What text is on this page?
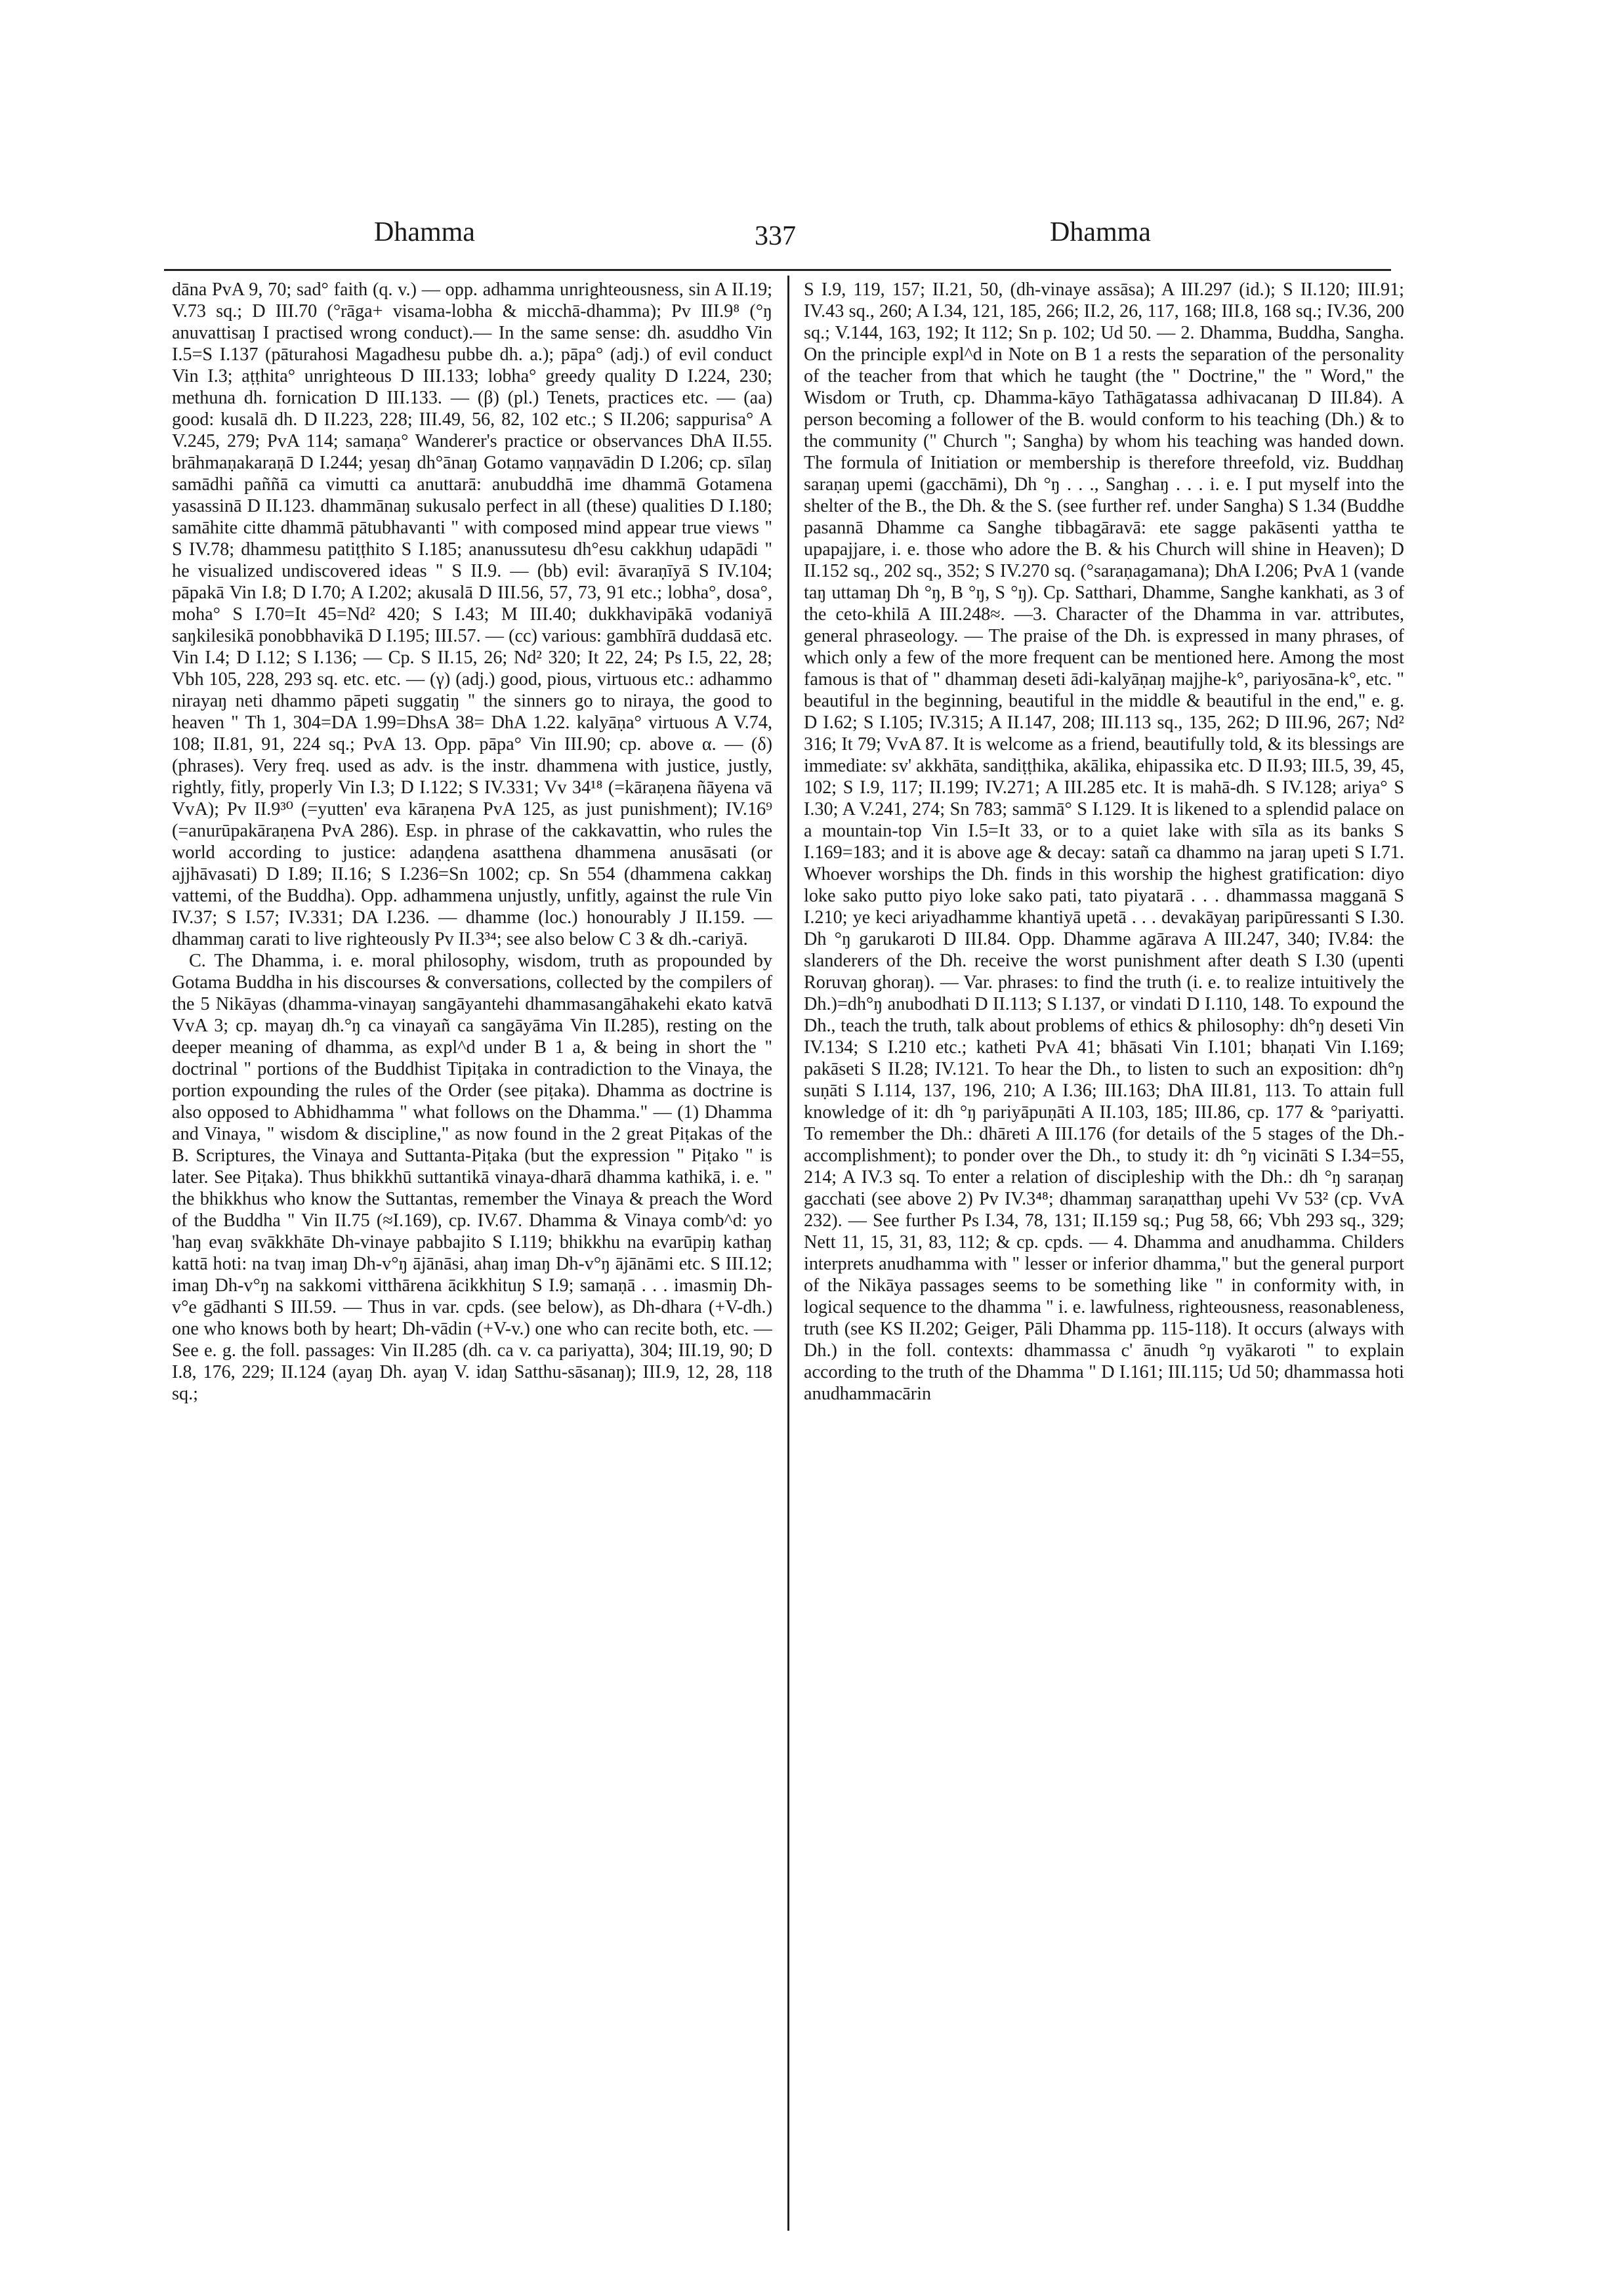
Dhamma	337	Dhamma

dāna PvA 9, 70; sad° faith (q. v.) — opp. adhamma unrighteousness, sin A II.19; V.73 sq.; D III.70 (°rāga+ visama-lobha & micchā-dhamma); Pv III.9⁸ (°ŋ anuvattisaŋ I practised wrong conduct).— In the same sense: dh. asuddho Vin I.5=S I.137 (pāturahosi Magadhesu pubbe dh. a.); pāpa° (adj.) of evil conduct Vin I.3; aṭṭhita° unrighteous D III.133; lobha° greedy quality D I.224, 230; methuna dh. fornication D III.133. — (β) (pl.) Tenets, practices etc. — (aa) good: kusalā dh. D II.223, 228; III.49, 56, 82, 102 etc.; S II.206; sappurisa° A V.245, 279; PvA 114; samaṇa° Wanderer's practice or observances DhA II.55. brāhmaṇakaraṇā D I.244; yesaŋ dh°ānaŋ Gotamo vaṇṇavādin D I.206; cp. sīlaŋ samādhi paññā ca vimutti ca anuttarā: anubuddhā ime dhammā Gotamena yasassinā D II.123. dhammānaŋ sukusalo perfect in all (these) qualities D I.180; samāhite citte dhammā pātubhavanti " with composed mind appear true views " S IV.78; dhammesu patiṭṭhito S I.185; ananussutesu dh°esu cakkhuŋ udapādi " he visualized undiscovered ideas " S II.9. — (bb) evil: āvaraṇīyā S IV.104; pāpakā Vin I.8; D I.70; A I.202; akusalā D III.56, 57, 73, 91 etc.; lobha°, dosa°, moha° S I.70=It 45=Nd² 420; S I.43; M III.40; dukkhavipākā vodaniyā saŋkilesikā ponobbhavikā D I.195; III.57. — (cc) various: gambhīrā duddasā etc. Vin I.4; D I.12; S I.136; — Cp. S II.15, 26; Nd² 320; It 22, 24; Ps I.5, 22, 28; Vbh 105, 228, 293 sq. etc. etc. — (γ) (adj.) good, pious, virtuous etc.: adhammo nirayaŋ neti dhammo pāpeti suggatiŋ " the sinners go to niraya, the good to heaven " Th 1, 304=DA 1.99=DhsA 38= DhA 1.22. kalyāṇa° virtuous A V.74, 108; II.81, 91, 224 sq.; PvA 13. Opp. pāpa° Vin III.90; cp. above α. — (δ) (phrases). Very freq. used as adv. is the instr. dhammena with justice, justly, rightly, fitly, properly Vin I.3; D I.122; S IV.331; Vv 34¹⁸ (=kāraṇena ñāyena vā VvA); Pv II.9³⁰ (=yutten' eva kāraṇena PvA 125, as just punishment); IV.16⁹ (=anurūpakāraṇena PvA 286). Esp. in phrase of the cakkavattin, who rules the world according to justice: adaṇḍena asatthena dhammena anusāsati (or ajjhāvasati) D I.89; II.16; S I.236=Sn 1002; cp. Sn 554 (dhammena cakkaŋ vattemi, of the Buddha). Opp. adhammena unjustly, unfitly, against the rule Vin IV.37; S I.57; IV.331; DA I.236. — dhamme (loc.) honourably J II.159. — dhammaŋ carati to live righteously Pv II.3³⁴; see also below C 3 & dh.-cariyā.

C. The Dhamma, i. e. moral philosophy, wisdom, truth as propounded by Gotama Buddha in his discourses & conversations, collected by the compilers of the 5 Nikāyas (dhamma-vinayaŋ sangāyantehi dhammasangāhakehi ekato katvā VvA 3; cp. mayaŋ dh.°ŋ ca vinayañ ca sangāyāma Vin II.285), resting on the deeper meaning of dhamma, as expl^d under B 1 a, & being in short the " doctrinal " portions of the Buddhist Tipiṭaka in contradiction to the Vinaya, the portion expounding the rules of the Order (see piṭaka). Dhamma as doctrine is also opposed to Abhidhamma " what follows on the Dhamma." — (1) Dhamma and Vinaya, " wisdom & discipline," as now found in the 2 great Piṭakas of the B. Scriptures, the Vinaya and Suttanta-Piṭaka (but the expression " Piṭako " is later. See Piṭaka). Thus bhikkhū suttantikā vinaya-dharā dhamma kathikā, i. e. " the bhikkhus who know the Suttantas, remember the Vinaya & preach the Word of the Buddha " Vin II.75 (≈I.169), cp. IV.67. Dhamma & Vinaya comb^d: yo 'haŋ evaŋ svākkhāte Dh-vinaye pabbajito S I.119; bhikkhu na evarūpiŋ kathaŋ kattā hoti: na tvaŋ imaŋ Dh-v°ŋ ājānāsi, ahaŋ imaŋ Dh-v°ŋ ājānāmi etc. S III.12; imaŋ Dh-v°ŋ na sakkomi vitthārena ācikkhituŋ S I.9; samaṇā . . . imasmiŋ Dh-v°e gādhanti S III.59. — Thus in var. cpds. (see below), as Dh-dhara (+V-dh.) one who knows both by heart; Dh-vādin (+V-v.) one who can recite both, etc. — See e. g. the foll. passages: Vin II.285 (dh. ca v. ca pariyatta), 304; III.19, 90; D I.8, 176, 229; II.124 (ayaŋ Dh. ayaŋ V. idaŋ Satthu-sāsanaŋ); III.9, 12, 28, 118 sq.;

S I.9, 119, 157; II.21, 50, (dh-vinaye assāsa); A III.297 (id.); S II.120; III.91; IV.43 sq., 260; A I.34, 121, 185, 266; II.2, 26, 117, 168; III.8, 168 sq.; IV.36, 200 sq.; V.144, 163, 192; It 112; Sn p. 102; Ud 50. — 2. Dhamma, Buddha, Sangha. On the principle expl^d in Note on B 1 a rests the separation of the personality of the teacher from that which he taught (the " Doctrine," the " Word," the Wisdom or Truth, cp. Dhamma-kāyo Tathāgatassa adhivacanaŋ D III.84). A person becoming a follower of the B. would conform to his teaching (Dh.) & to the community (" Church "; Sangha) by whom his teaching was handed down. The formula of Initiation or membership is therefore threefold, viz. Buddhaŋ saraṇaŋ upemi (gacchāmi), Dh °ŋ . . ., Sanghaŋ . . . i. e. I put myself into the shelter of the B., the Dh. & the S. (see further ref. under Sangha) S 1.34 (Buddhe pasannā Dhamme ca Sanghe tibbagāravā: ete sagge pakāsenti yattha te upapajjare, i. e. those who adore the B. & his Church will shine in Heaven); D II.152 sq., 202 sq., 352; S IV.270 sq. (°saraṇagamana); DhA I.206; PvA 1 (vande taŋ uttamaŋ Dh °ŋ, B °ŋ, S °ŋ). Cp. Satthari, Dhamme, Sanghe kankhati, as 3 of the ceto-khilā A III.248≈. —3. Character of the Dhamma in var. attributes, general phraseology. — The praise of the Dh. is expressed in many phrases, of which only a few of the more frequent can be mentioned here. Among the most famous is that of " dhammaŋ deseti ādi-kalyāṇaŋ majjhe-k°, pariyosāna-k°, etc. " beautiful in the beginning, beautiful in the middle & beautiful in the end," e. g. D I.62; S I.105; IV.315; A II.147, 208; III.113 sq., 135, 262; D III.96, 267; Nd² 316; It 79; VvA 87. It is welcome as a friend, beautifully told, & its blessings are immediate: sv' akkhāta, sandiṭṭhika, akālika, ehipassika etc. D II.93; III.5, 39, 45, 102; S I.9, 117; II.199; IV.271; A III.285 etc. It is mahā-dh. S IV.128; ariya° S I.30; A V.241, 274; Sn 783; sammā° S I.129. It is likened to a splendid palace on a mountain-top Vin I.5=It 33, or to a quiet lake with sīla as its banks S I.169=183; and it is above age & decay: satañ ca dhammo na jaraŋ upeti S I.71. Whoever worships the Dh. finds in this worship the highest gratification: diyo loke sako putto piyo loke sako pati, tato piyatarā . . . dhammassa magganā S I.210; ye keci ariyadhamme khantiyā upetā . . . devakāyaŋ paripūressanti S I.30. Dh °ŋ garukaroti D III.84. Opp. Dhamme agārava A III.247, 340; IV.84: the slanderers of the Dh. receive the worst punishment after death S I.30 (upenti Roruvaŋ ghoraŋ). — Var. phrases: to find the truth (i. e. to realize intuitively the Dh.)=dh°ŋ anubodhati D II.113; S I.137, or vindati D I.110, 148. To expound the Dh., teach the truth, talk about problems of ethics & philosophy: dh°ŋ deseti Vin IV.134; S I.210 etc.; katheti PvA 41; bhāsati Vin I.101; bhaṇati Vin I.169; pakāseti S II.28; IV.121. To hear the Dh., to listen to such an exposition: dh°ŋ suṇāti S I.114, 137, 196, 210; A I.36; III.163; DhA III.81, 113. To attain full knowledge of it: dh °ŋ pariyāpuṇāti A II.103, 185; III.86, cp. 177 & °pariyatti. To remember the Dh.: dhāreti A III.176 (for details of the 5 stages of the Dh.-accomplishment); to ponder over the Dh., to study it: dh °ŋ vicināti S I.34=55, 214; A IV.3 sq. To enter a relation of discipleship with the Dh.: dh °ŋ saraṇaŋ gacchati (see above 2) Pv IV.3⁴⁸; dhammaŋ saraṇatthaŋ upehi Vv 53² (cp. VvA 232). — See further Ps I.34, 78, 131; II.159 sq.; Pug 58, 66; Vbh 293 sq., 329; Nett 11, 15, 31, 83, 112; & cp. cpds. — 4. Dhamma and anudhamma. Childers interprets anudhamma with " lesser or inferior dhamma," but the general purport of the Nikāya passages seems to be something like " in conformity with, in logical sequence to the dhamma " i. e. lawfulness, righteousness, reasonableness, truth (see KS II.202; Geiger, Pāli Dhamma pp. 115-118). It occurs (always with Dh.) in the foll. contexts: dhammassa c' ānudh °ŋ vyākaroti " to explain according to the truth of the Dhamma " D I.161; III.115; Ud 50; dhammassa hoti anudhammacārin
